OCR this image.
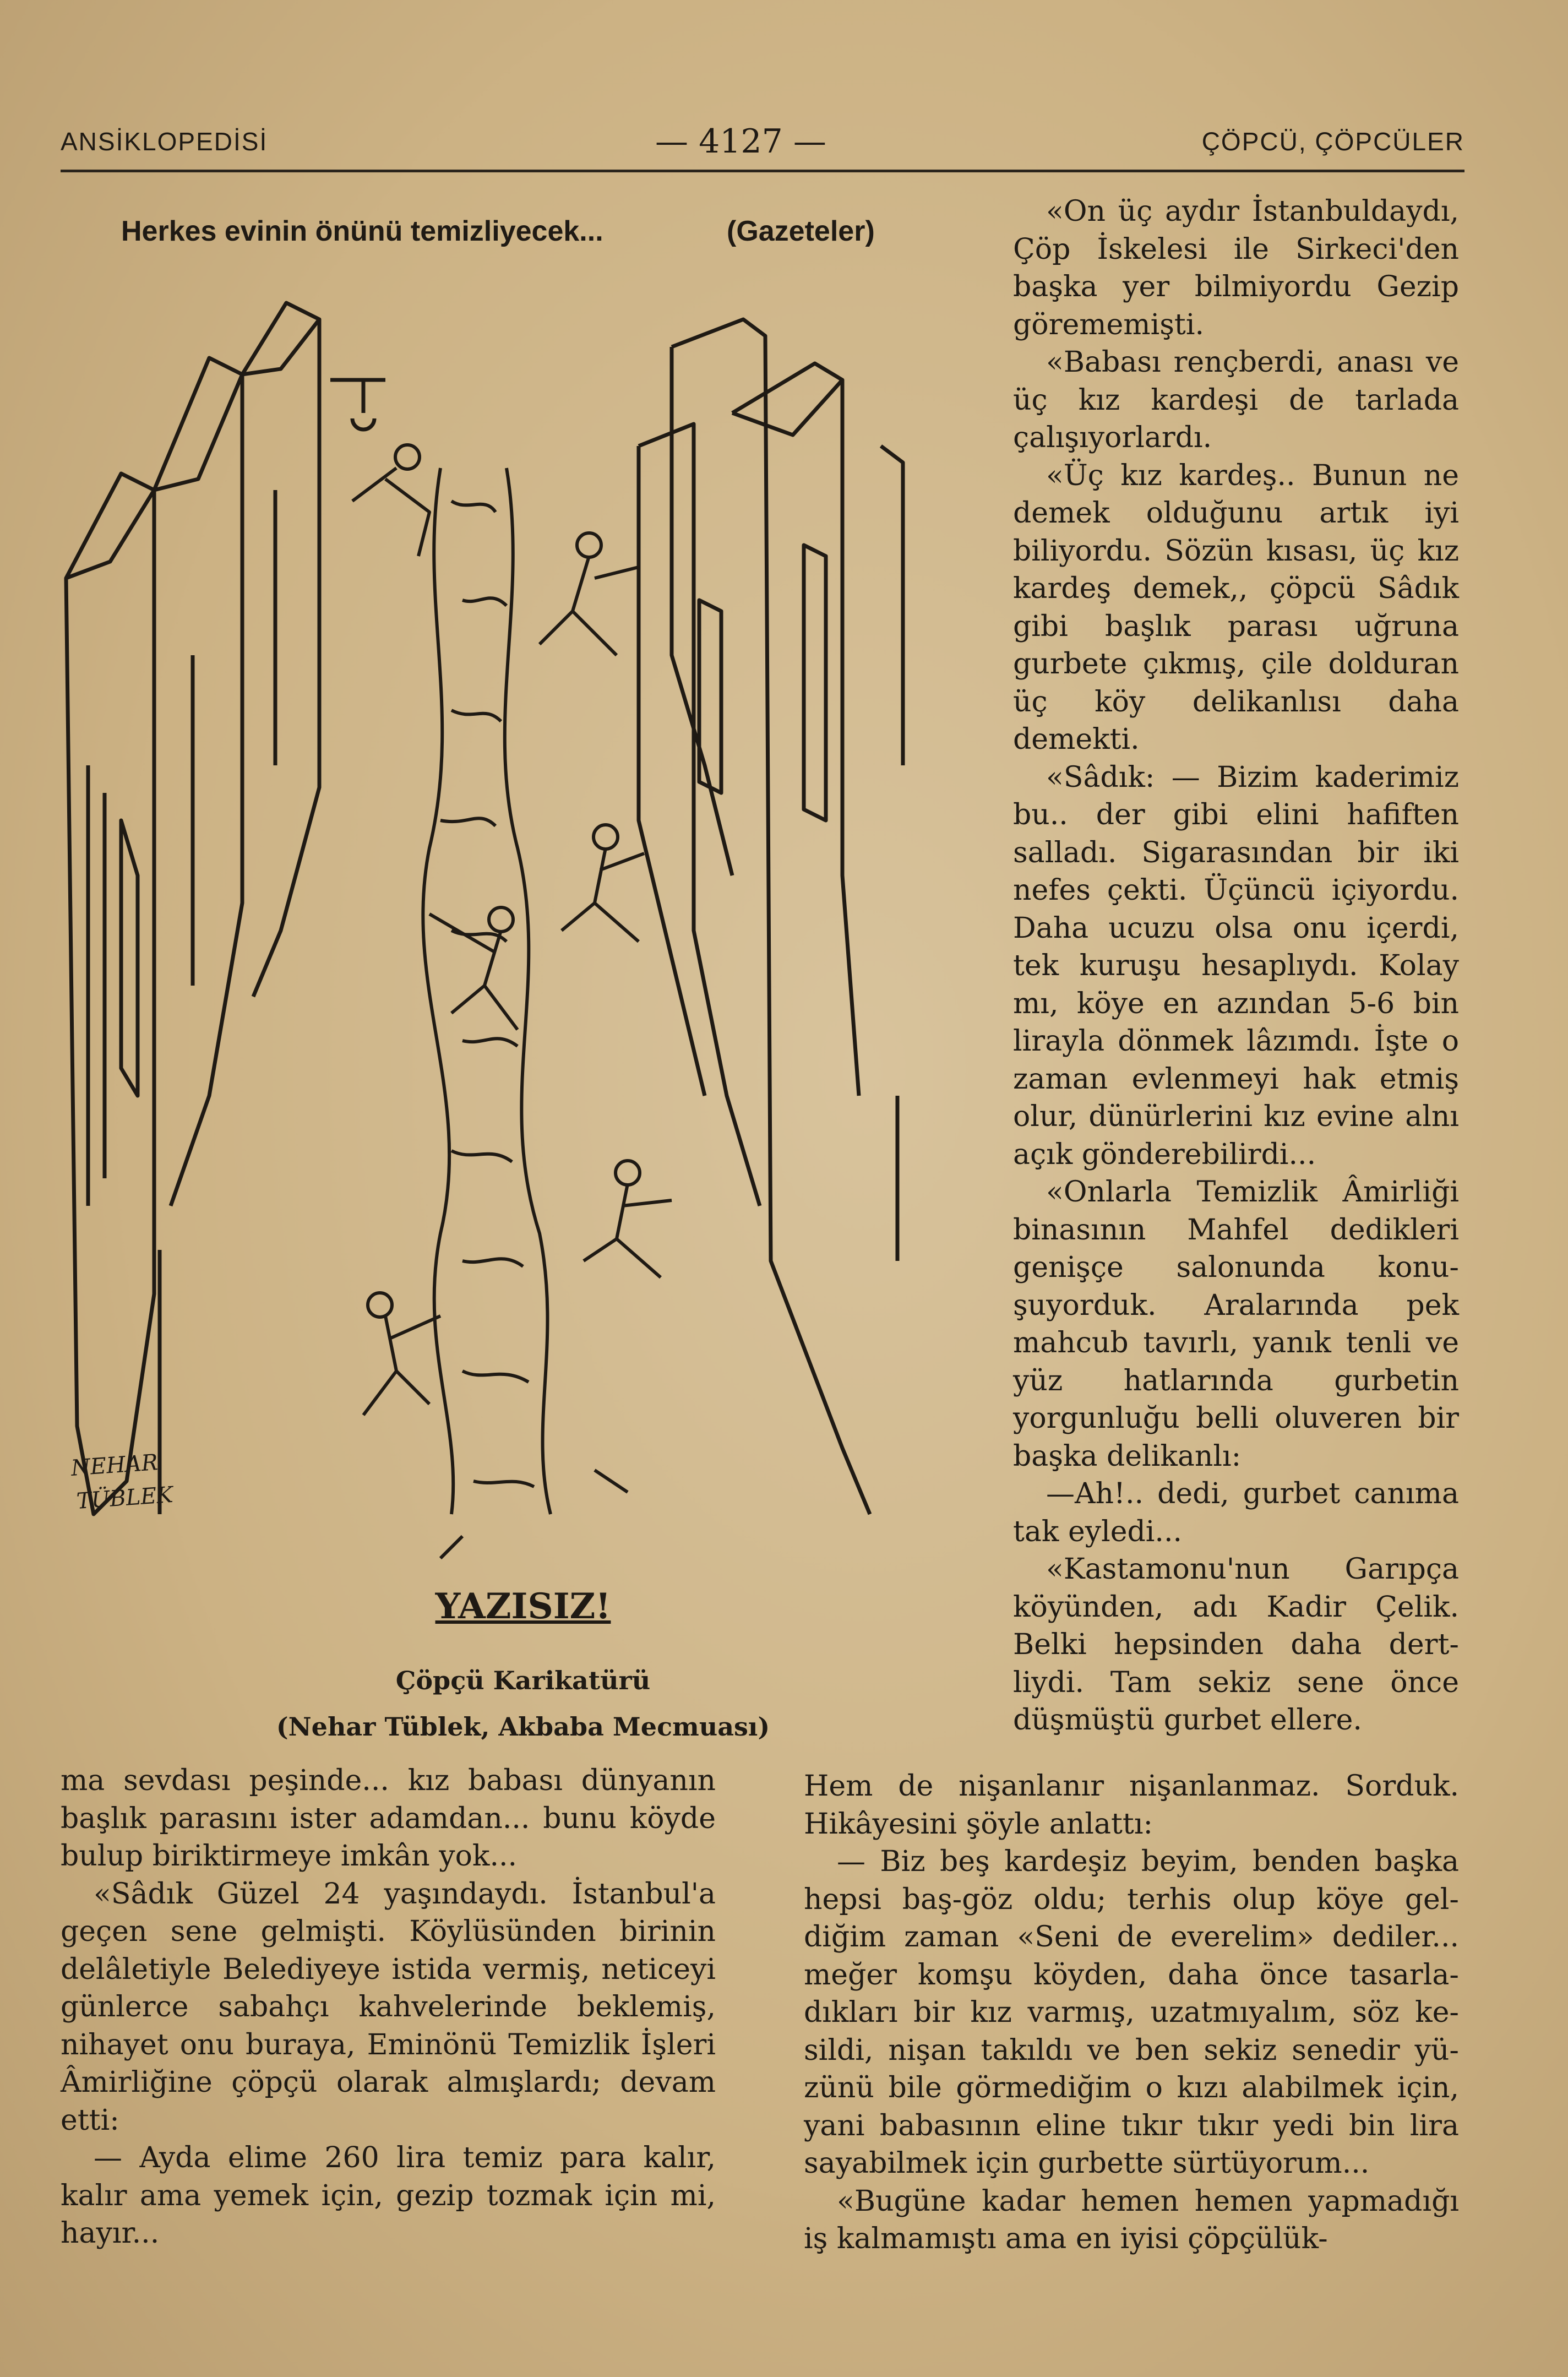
ANSİKLOPEDİSİ	— 4127 —	ÇÖPCÜ, ÇÖPCÜLER
Herkes evinin önünü temizliyecek...	(Gazeteler)
NEHAR
TÜBLEK
YAZISIZ!
Çöpçü Karikatürü
(Nehar Tüblek, Akbaba Mecmuası)

«On üç aydır İstanbuldaydı, Çöp İskelesi ile Sirkeci'den başka yer bilmiyordu Gezip görememişti.

«Babası rençberdi, anası ve üç kız kardeşi de tarlada çalışıyorlardı.

«Üç kız kardeş.. Bunun ne demek olduğunu artık iyi biliyordu. Sözün kısası, üç kız kardeş demek,, çöpcü Sâdık gibi başlık parası uğruna gurbete çıkmış, çile dolduran üç köy delikanlısı daha demekti.

«Sâdık: — Bizim kaderimiz bu.. der gibi elini hafiften salladı. Sigarasından bir iki nefes çekti. Üçüncü içiyordu. Daha ucuzu olsa onu içerdi, tek kuruşu hesaplıydı. Kolay mı, köye en azından 5-6 bin lirayla dönmek lâzımdı. İşte o zaman evlenmeyi hak etmiş olur, dünürlerini kız evine alnı açık gönderebilirdi...

«Onlarla Temizlik Âmirliği binasının Mahfel dedikleri genişçe salonunda konuşuyorduk. Aralarında pek mahcub tavırlı, yanık tenli ve yüz hatlarında gurbetin yorgunluğu belli oluveren bir başka delikanlı:

—Ah!.. dedi, gurbet canıma tak eyledi...

«Kastamonu'nun Garıpça köyünden, adı Kadir Çelik. Belki hepsinden daha dertliydi. Tam sekiz sene önce düşmüştü gurbet ellere.

ma sevdası peşinde... kız babası dünyanın başlık parasını ister adamdan... bunu köyde bulup biriktirmeye imkân yok...

«Sâdık Güzel 24 yaşındaydı. İstanbul'a geçen sene gelmişti. Köylüsünden birinin delâletiyle Belediyeye istida vermiş, neticeyi günlerce sabahçı kahvelerinde beklemiş, nihayet onu buraya, Eminönü Temizlik İşleri Âmirliğine çöpçü olarak almışlardı; devam etti:

— Ayda elime 260 lira temiz para kalır, kalır ama yemek için, gezip tozmak için mi, hayır...

Hem de nişanlanır nişanlanmaz. Sorduk. Hikâyesini şöyle anlattı:

— Biz beş kardeşiz beyim, benden başka hepsi baş-göz oldu; terhis olup köye geldiğim zaman «Seni de everelim» dediler... meğer komşu köyden, daha önce tasarladıkları bir kız varmış, uzatmıyalım, söz kesildi, nişan takıldı ve ben sekiz senedir yüzünü bile görmediğim o kızı alabilmek için, yani babasının eline tıkır tıkır yedi bin lira sayabilmek için gurbette sürtüyorum...

«Bugüne kadar hemen hemen yapmadığı iş kalmamıştı ama en iyisi çöpçülük-
